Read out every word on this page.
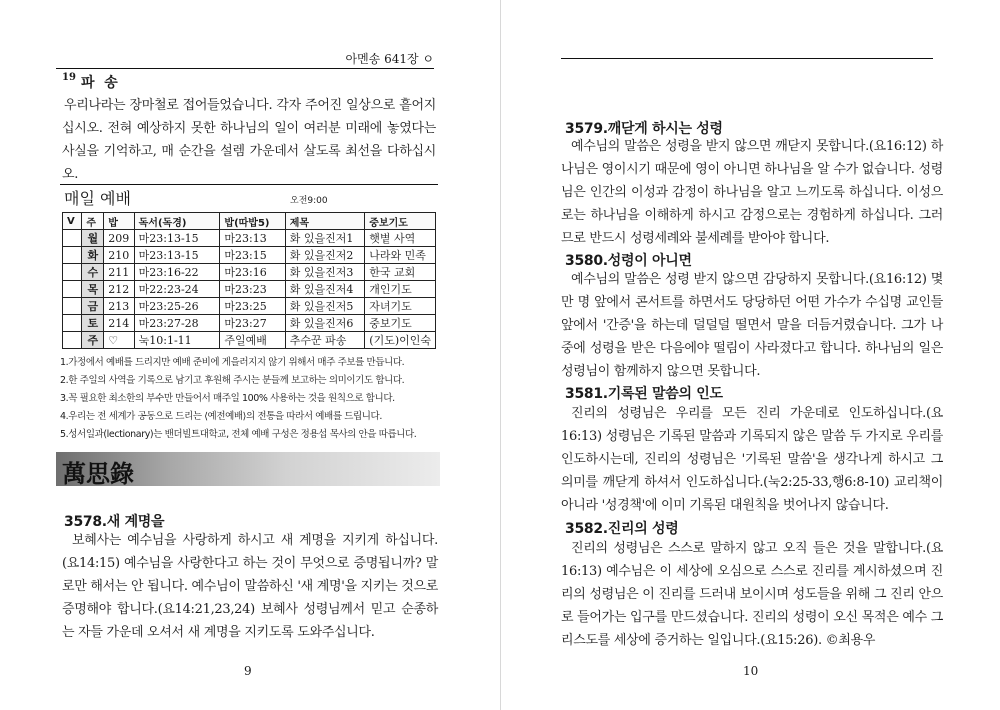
아멘송 641장 ㅇ
$^{19}$ 파  송
우리나라는 장마철로 접어들었습니다. 각자 주어진 일상으로 흩어지십시오. 전혀 예상하지 못한 하나님의 일이 여러분 미래에 놓였다는 사실을 기억하고, 매 순간을 설렘 가운데서 살도록 최선을 다하십시오.
매일 예배	오전9:00
V	주	밥	독서(독경)	밥(따밥5)	제목	중보기도
	월	209	마23:13-15	마23:13	화 있을진저1	햇볕 사역
	화	210	마23:13-15	마23:15	화 있을진저2	나라와 민족
	수	211	마23:16-22	마23:16	화 있을진저3	한국 교회
	목	212	마22:23-24	마23:23	화 있을진저4	개인기도
	금	213	마23:25-26	마23:25	화 있을진저5	자녀기도
	토	214	마23:27-28	마23:27	화 있을진저6	중보기도
	주	♡	눅10:1-11	주일예배	추수꾼 파송	(기도)이인숙
1.가정에서 예배를 드리지만 예배 준비에 게을러지지 않기 위해서 매주 주보를 만듭니다.
2.한 주일의 사역을 기록으로 남기고 후원해 주시는 분들께 보고하는 의미이기도 합니다.
3.꼭 필요한 최소한의 부수만 만들어서 매주일 100% 사용하는 것을 원칙으로 합니다.
4.우리는 전 세계가 공동으로 드리는 ⟨예전예배⟩의 전통을 따라서 예배를 드립니다.
5.성서일과(lectionary)는 밴더빌트대학교, 전체 예배 구성은 정용섭 목사의 안을 따릅니다.
萬思錄
3578.새 계명을
보혜사는 예수님을 사랑하게 하시고 새 계명을 지키게 하십니다.(요14:15) 예수님을 사랑한다고 하는 것이 무엇으로 증명됩니까? 말로만 해서는 안 됩니다. 예수님이 말씀하신 '새 계명'을 지키는 것으로 증명해야 합니다.(요14:21,23,24) 보혜사 성령님께서 믿고 순종하는 자들 가운데 오셔서 새 계명을 지키도록 도와주십니다.
9
3579.깨닫게 하시는 성령
예수님의 말씀은 성령을 받지 않으면 깨닫지 못합니다.(요16:12) 하나님은 영이시기 때문에 영이 아니면 하나님을 알 수가 없습니다. 성령님은 인간의 이성과 감정이 하나님을 알고 느끼도록 하십니다. 이성으로는 하나님을 이해하게 하시고 감정으로는 경험하게 하십니다. 그러므로 반드시 성령세례와 불세례를 받아야 합니다.
3580.성령이 아니면
예수님의 말씀은 성령 받지 않으면 감당하지 못합니다.(요16:12) 몇만 명 앞에서 콘서트를 하면서도 당당하던 어떤 가수가 수십명 교인들 앞에서 '간증'을 하는데 덜덜덜 떨면서 말을 더듬거렸습니다. 그가 나중에 성령을 받은 다음에야 떨림이 사라졌다고 합니다. 하나님의 일은 성령님이 함께하지 않으면 못합니다.
3581.기록된 말씀의 인도
진리의 성령님은 우리를 모든 진리 가운데로 인도하십니다.(요16:13) 성령님은 기록된 말씀과 기록되지 않은 말씀 두 가지로 우리를 인도하시는데, 진리의 성령님은 '기록된 말씀'을 생각나게 하시고 그 의미를 깨닫게 하셔서 인도하십니다.(눅2:25-33,행6:8-10) 교리책이 아니라 '성경책'에 이미 기록된 대원칙을 벗어나지 않습니다.
3582.진리의 성령
진리의 성령님은 스스로 말하지 않고 오직 들은 것을 말합니다.(요16:13) 예수님은 이 세상에 오심으로 스스로 진리를 계시하셨으며 진리의 성령님은 이 진리를 드러내 보이시며 성도들을 위해 그 진리 안으로 들어가는 입구를 만드셨습니다. 진리의 성령이 오신 목적은 예수 그리스도를 세상에 증거하는 일입니다.(요15:26). ©최용우
10
